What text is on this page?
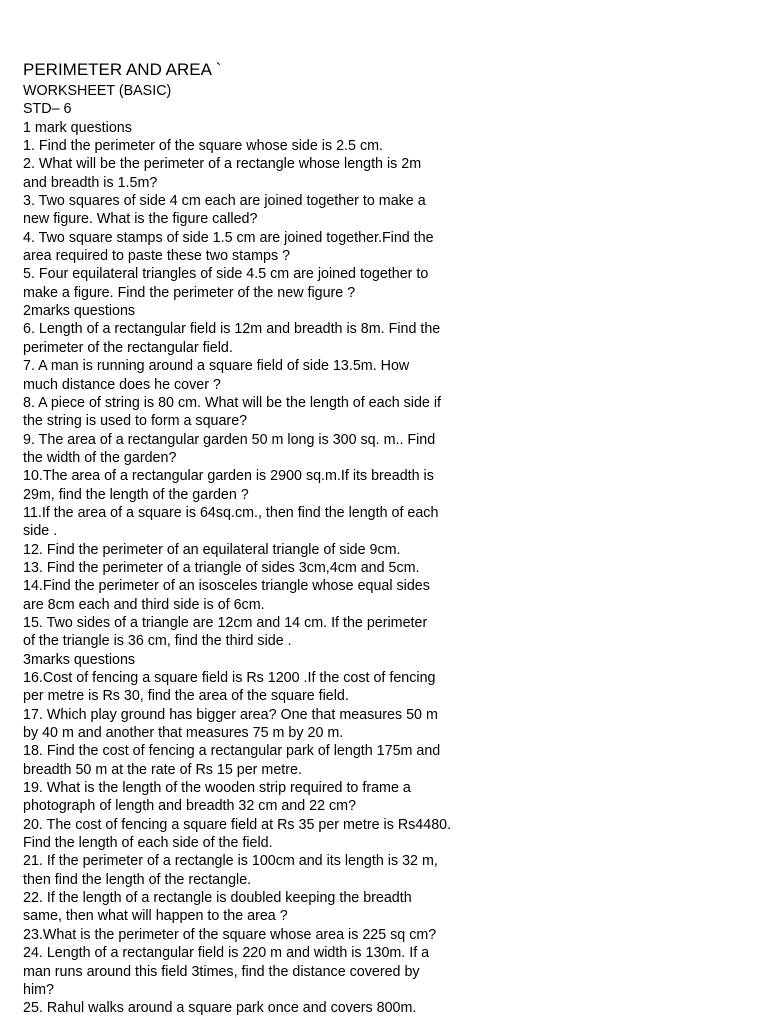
PERIMETER AND AREA `
WORKSHEET (BASIC)
STD– 6
1 mark questions
1. Find the perimeter of the square whose side is 2.5 cm.
2. What will be the perimeter of a rectangle whose length is 2m
and breadth is 1.5m?
3. Two squares of side 4 cm each are joined together to make a
new figure. What is the figure called?
4. Two square stamps of side 1.5 cm are joined together.Find the
area required to paste these two stamps ?
5. Four equilateral triangles of side 4.5 cm are joined together to
make a figure. Find the perimeter of the new figure ?
2marks questions
6. Length of a rectangular field is 12m and breadth is 8m. Find the
perimeter of the rectangular field.
7. A man is running around a square field of side 13.5m. How
much distance does he cover ?
8. A piece of string is 80 cm. What will be the length of each side if
the string is used to form a square?
9. The area of a rectangular garden 50 m long is 300 sq. m.. Find
the width of the garden?
10.The area of a rectangular garden is 2900 sq.m.If its breadth is
29m, find the length of the garden ?
11.If the area of a square is 64sq.cm., then find the length of each
side .
12. Find the perimeter of an equilateral triangle of side 9cm.
13. Find the perimeter of a triangle of sides 3cm,4cm and 5cm.
14.Find the perimeter of an isosceles triangle whose equal sides
are 8cm each and third side is of 6cm.
15. Two sides of a triangle are 12cm and 14 cm. If the perimeter
of the triangle is 36 cm, find the third side .
3marks questions
16.Cost of fencing a square field is Rs 1200 .If the cost of fencing
per metre is Rs 30, find the area of the square field.
17. Which play ground has bigger area? One that measures 50 m
by 40 m and another that measures 75 m by 20 m.
18. Find the cost of fencing a rectangular park of length 175m and
breadth 50 m at the rate of Rs 15 per metre.
19. What is the length of the wooden strip required to frame a
photograph of length and breadth 32 cm and 22 cm?
20. The cost of fencing a square field at Rs 35 per metre is Rs4480.
Find the length of each side of the field.
21. If the perimeter of a rectangle is 100cm and its length is 32 m,
then find the length of the rectangle.
22. If the length of a rectangle is doubled keeping the breadth
same, then what will happen to the area ?
23.What is the perimeter of the square whose area is 225 sq cm?
24. Length of a rectangular field is 220 m and width is 130m. If a
man runs around this field 3times, find the distance covered by
him?
25. Rahul walks around a square park once and covers 800m.
